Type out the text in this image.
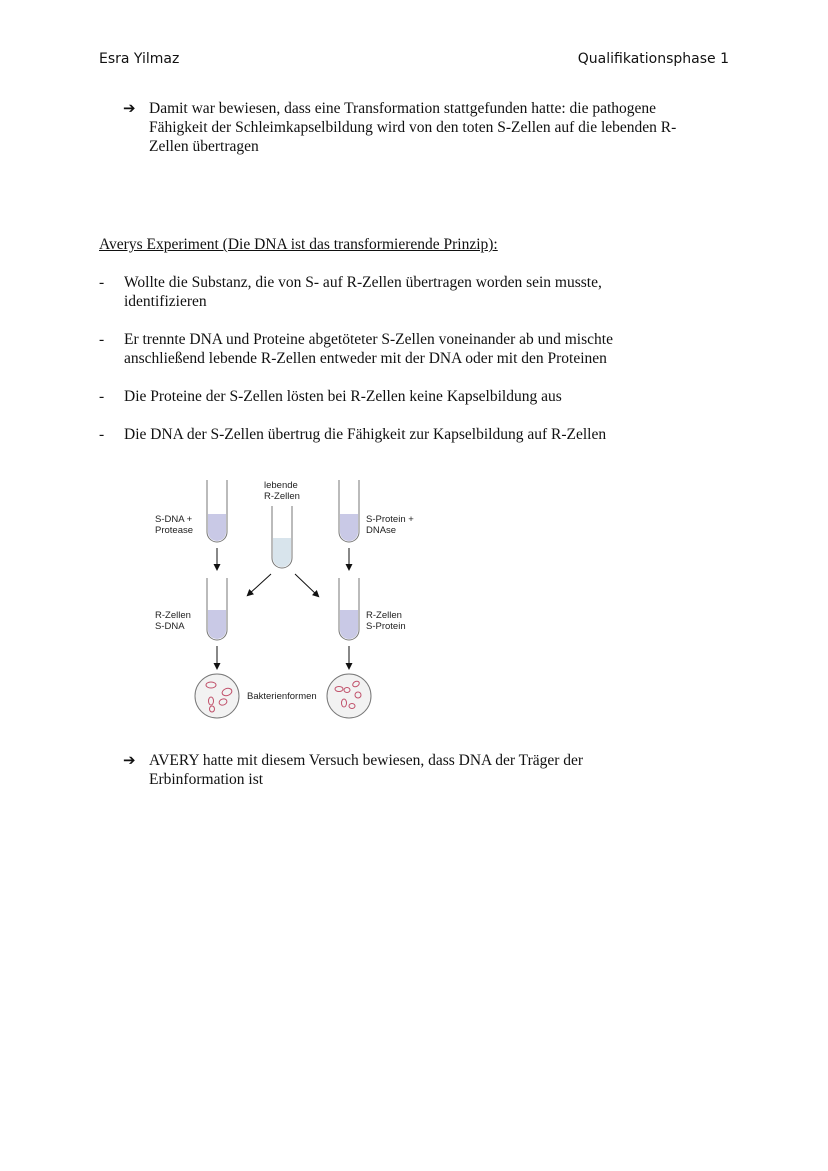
Esra Yilmaz	Qualifikationsphase 1
➔ Damit war bewiesen, dass eine Transformation stattgefunden hatte: die pathogene
Fähigkeit der Schleimkapselbildung wird von den toten S-Zellen auf die lebenden R-
Zellen übertragen
Averys Experiment (Die DNA ist das transformierende Prinzip):
- Wollte die Substanz, die von S- auf R-Zellen übertragen worden sein musste,
identifizieren
- Er trennte DNA und Proteine abgetöteter S-Zellen voneinander ab und mischte
anschließend lebende R-Zellen entweder mit der DNA oder mit den Proteinen
- Die Proteine der S-Zellen lösten bei R-Zellen keine Kapselbildung aus
- Die DNA der S-Zellen übertrug die Fähigkeit zur Kapselbildung auf R-Zellen
lebende
R-Zellen
S-DNA +
Protease
S-Protein +
DNAse
R-Zellen
S-DNA
R-Zellen
S-Protein
Bakterienformen
➔ AVERY hatte mit diesem Versuch bewiesen, dass DNA der Träger der
Erbinformation ist
